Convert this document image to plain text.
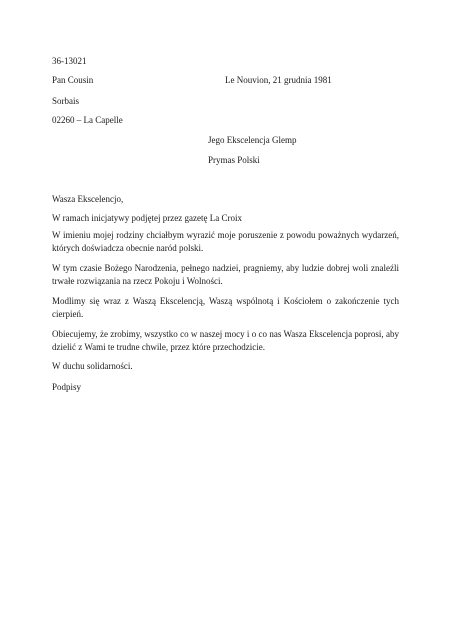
36-13021
Pan Cousin	Le Nouvion, 21 grudnia 1981
Sorbais
02260 – La Capelle
Jego Ekscelencja Glemp
Prymas Polski
Wasza Ekscelencjo,
W ramach inicjatywy podjętej przez gazetę La Croix
W imieniu mojej rodziny chciałbym wyrazić moje poruszenie z powodu poważnych wydarzeń, których doświadcza obecnie naród polski.
W tym czasie Bożego Narodzenia, pełnego nadziei, pragniemy, aby ludzie dobrej woli znaleźli trwałe rozwiązania na rzecz Pokoju i Wolności.
Modlimy się wraz z Waszą Ekscelencją, Waszą wspólnotą i Kościołem o zakończenie tych cierpień.
Obiecujemy, że zrobimy, wszystko co w naszej mocy i o co nas Wasza Ekscelencja poprosi, aby dzielić z Wami te trudne chwile, przez które przechodzicie.
W duchu solidarności.
Podpisy
